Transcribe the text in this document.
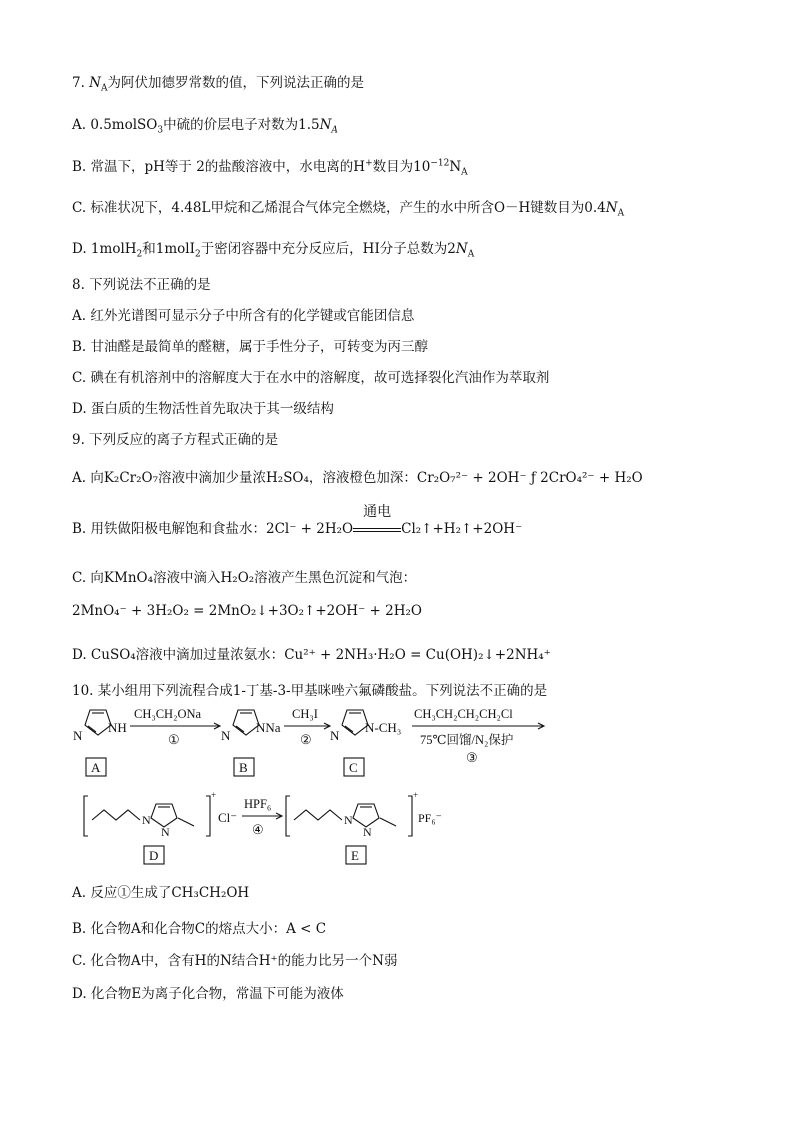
7. $N_A$为阿伏加德罗常数的值，下列说法正确的是
A. 0.5molSO$_3$中硫的价层电子对数为$1.5N_A$
B. 常温下，pH等于 2的盐酸溶液中，水电离的H+数目为$10^{-12}N_A$
C. 标准状况下，4.48L甲烷和乙烯混合气体完全燃烧，产生的水中所含O－H键数目为$0.4N_A$
D. 1molH$_2$和1molI$_2$于密闭容器中充分反应后，HI分子总数为$2N_A$
8. 下列说法不正确的是
A. 红外光谱图可显示分子中所含有的化学键或官能团信息
B. 甘油醛是最简单的醛糖，属于手性分子，可转变为丙三醇
C. 碘在有机溶剂中的溶解度大于在水中的溶解度，故可选择裂化汽油作为萃取剂
D. 蛋白质的生物活性首先取决于其一级结构
9. 下列反应的离子方程式正确的是
A. 向K₂Cr₂O₇溶液中滴加少量浓H₂SO₄，溶液橙色加深：Cr₂O₇²⁻ + 2OH⁻ ƒ 2CrO₄²⁻ + H₂O
B. 用铁做阳极电解饱和食盐水：2Cl⁻ + 2H₂O
通电
Cl₂↑+H₂↑+2OH⁻
C. 向KMnO₄溶液中滴入H₂O₂溶液产生黑色沉淀和气泡：
2MnO₄⁻ + 3H₂O₂ = 2MnO₂↓+3O₂↑+2OH⁻ + 2H₂O
D. CuSO₄溶液中滴加过量浓氨水：Cu²⁺ + 2NH₃·H₂O = Cu(OH)₂↓+2NH₄⁺
10. 某小组用下列流程合成1-丁基-3-甲基咪唑六氟磷酸盐。下列说法不正确的是
N
NH
CH₃CH₂ONa
①	N
NNa
CH₃I
② N
N-CH₃
CH₃CH₂CH₂CH₂Cl
75℃回馏/N₂保护
③
A	B	C
N
N
+
Cl⁻
HPF₆
④
N
N
+
PF₆⁻
D	E
A. 反应①生成了CH₃CH₂OH
B. 化合物A和化合物C的熔点大小：A < C
C. 化合物A中，含有H的N结合H⁺的能力比另一个N弱
D. 化合物E为离子化合物，常温下可能为液体
